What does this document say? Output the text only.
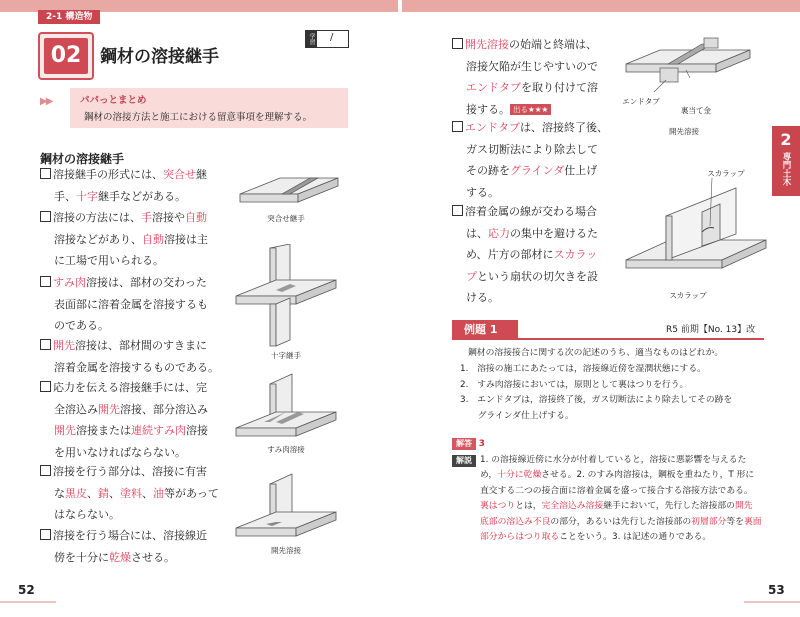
2-1 構造物
02	鋼材の溶接継手
学習 /
▶▶	パパっとまとめ
鋼材の溶接方法と施工における留意事項を理解する。
鋼材の溶接継手
溶接継手の形式には、突合せ継
手、十字継手などがある。
溶接の方法には、手溶接や自動
溶接などがあり、自動溶接は主
に工場で用いられる。
すみ肉溶接は、部材の交わった
表面部に溶着金属を溶接するも
のである。
開先溶接は、部材間のすきまに
溶着金属を溶接するものである。
応力を伝える溶接継手には、完
全溶込み開先溶接、部分溶込み
開先溶接または連続すみ肉溶接
を用いなければならない。
溶接を行う部分は、溶接に有害
な黒皮、錆、塗料、油等があって
はならない。
溶接を行う場合には、溶接線近
傍を十分に乾燥させる。
突合せ継手
十字継手
すみ肉溶接
開先溶接
52	53
開先溶接の始端と終端は、
溶接欠陥が生じやすいので
エンドタブを取り付けて溶
接する。 出る★★★
エンドタブは、溶接終了後、
ガス切断法により除去して
その跡をグラインダ仕上げ
する。
溶着金属の線が交わる場合
は、応力の集中を避けるた
め、片方の部材にスカラッ
プという扇状の切欠きを設
ける。
エンドタブ
裏当て金
開先溶接
スカラップ
スカラップ
2
専門土木
例題 1	R5 前期【No. 13】改
鋼材の溶接接合に関する次の記述のうち、適当なものはどれか。
1.　溶接の施工にあたっては，溶接線近傍を湿潤状態にする。
2.　すみ肉溶接においては，原則として裏はつりを行う。
3.　エンドタブは，溶接終了後，ガス切断法により除去してその跡を
　　グラインダ仕上げする。
解答 3
解説 1. の溶接線近傍に水分が付着していると，溶接に悪影響を与えるた
め，十分に乾燥させる。2. のすみ肉溶接は，鋼板を重ねたり，T 形に
直交する二つの接合面に溶着金属を盛って接合する溶接方法である。
裏はつりとは，完全溶込み溶接継手において，先行した溶接部の開先
底部の溶込み不良の部分，あるいは先行した溶接部の初層部分等を裏面
部分からはつり取ることをいう。3. は記述の通りである。
